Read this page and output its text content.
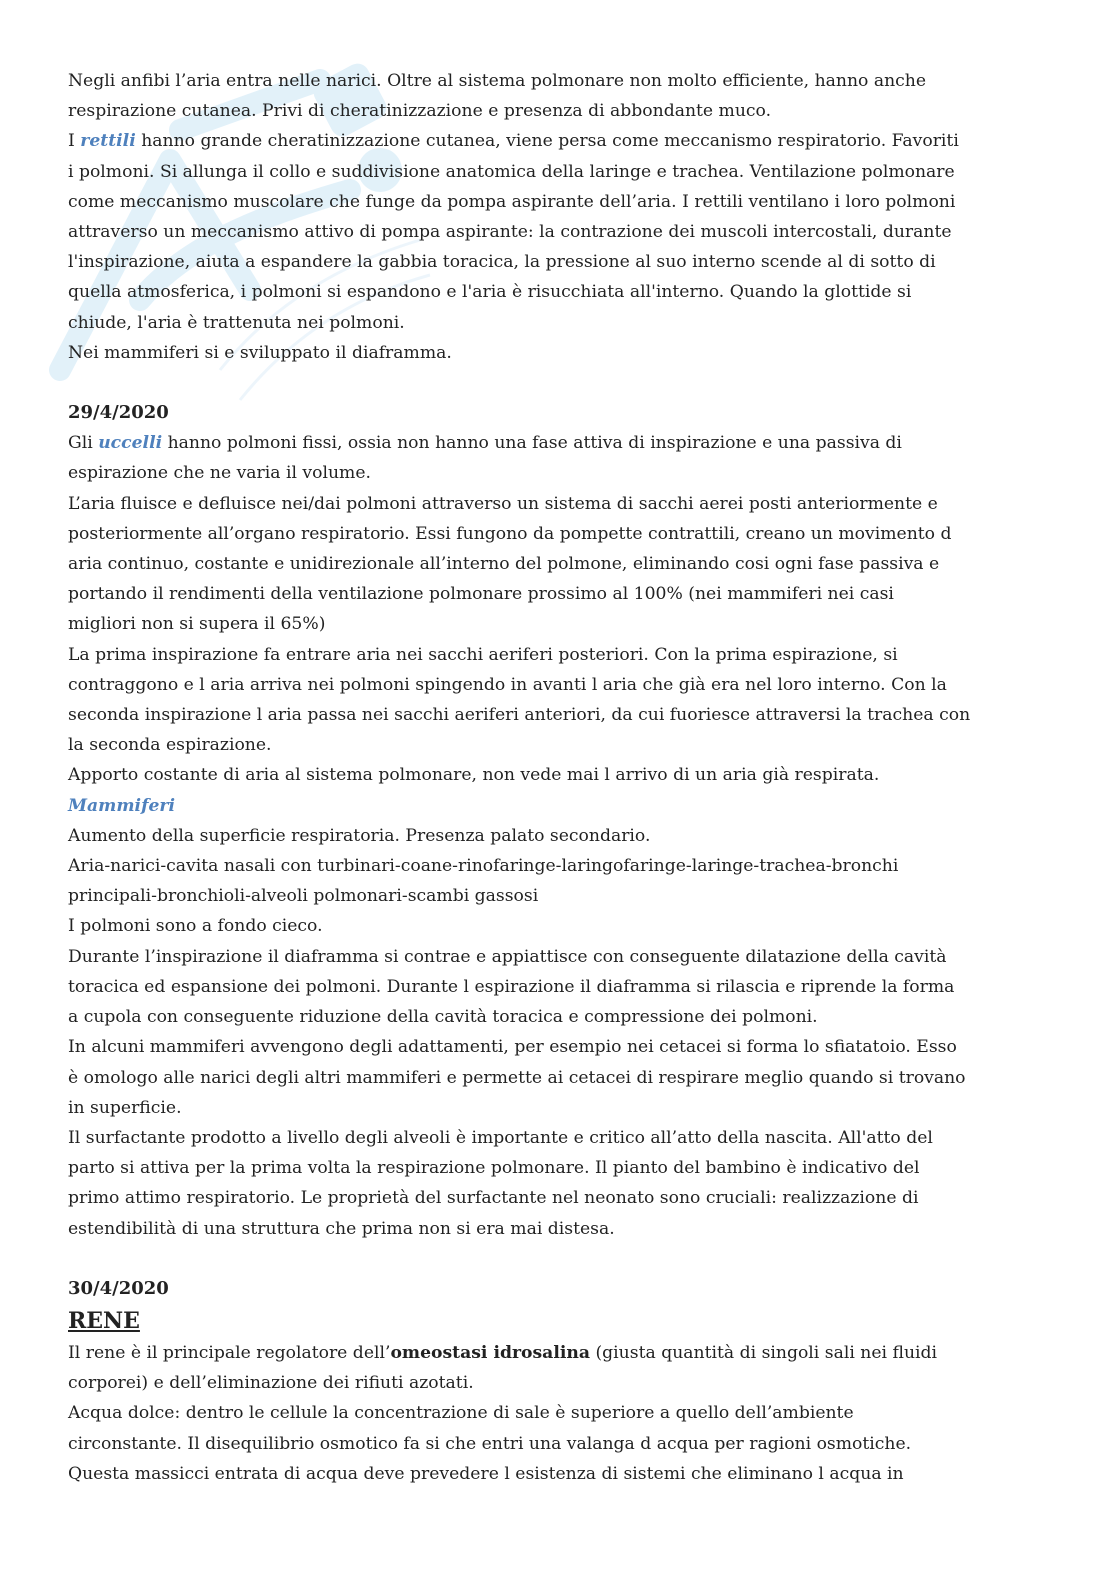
Negli anfibi l’aria entra nelle narici. Oltre al sistema polmonare non molto efficiente, hanno anche

respirazione cutanea. Privi di cheratinizzazione e presenza di abbondante muco.

I rettili hanno grande cheratinizzazione cutanea, viene persa come meccanismo respiratorio. Favoriti

i polmoni. Si allunga il collo e suddivisione anatomica della laringe e trachea. Ventilazione polmonare

come meccanismo muscolare che funge da pompa aspirante dell’aria. I rettili ventilano i loro polmoni

attraverso un meccanismo attivo di pompa aspirante: la contrazione dei muscoli intercostali, durante

l'inspirazione, aiuta a espandere la gabbia toracica, la pressione al suo interno scende al di sotto di

quella atmosferica, i polmoni si espandono e l'aria è risucchiata all'interno. Quando la glottide si

chiude, l'aria è trattenuta nei polmoni.

Nei mammiferi si e sviluppato il diaframma.

29/4/2020

Gli uccelli hanno polmoni fissi, ossia non hanno una fase attiva di inspirazione e una passiva di

espirazione che ne varia il volume.

L’aria fluisce e defluisce nei/dai polmoni attraverso un sistema di sacchi aerei posti anteriormente e

posteriormente all’organo respiratorio. Essi fungono da pompette contrattili, creano un movimento d

aria continuo, costante e unidirezionale all’interno del polmone, eliminando cosi ogni fase passiva e

portando il rendimenti della ventilazione polmonare prossimo al 100% (nei mammiferi nei casi

migliori non si supera il 65%)

La prima inspirazione fa entrare aria nei sacchi aeriferi posteriori. Con la prima espirazione, si

contraggono e l aria arriva nei polmoni spingendo in avanti l aria che già era nel loro interno. Con la

seconda inspirazione l aria passa nei sacchi aeriferi anteriori, da cui fuoriesce attraversi la trachea con

la seconda espirazione.

Apporto costante di aria al sistema polmonare, non vede mai l arrivo di un aria già respirata.

Mammiferi

Aumento della superficie respiratoria. Presenza palato secondario.

Aria-narici-cavita nasali con turbinari-coane-rinofaringe-laringofaringe-laringe-trachea-bronchi

principali-bronchioli-alveoli polmonari-scambi gassosi

I polmoni sono a fondo cieco.

Durante l’inspirazione il diaframma si contrae e appiattisce con conseguente dilatazione della cavità

toracica ed espansione dei polmoni. Durante l espirazione il diaframma si rilascia e riprende la forma

a cupola con conseguente riduzione della cavità toracica e compressione dei polmoni.

In alcuni mammiferi avvengono degli adattamenti, per esempio nei cetacei si forma lo sfiatatoio. Esso

è omologo alle narici degli altri mammiferi e permette ai cetacei di respirare meglio quando si trovano

in superficie.

Il surfactante prodotto a livello degli alveoli è importante e critico all’atto della nascita. All'atto del

parto si attiva per la prima volta la respirazione polmonare. Il pianto del bambino è indicativo del

primo attimo respiratorio. Le proprietà del surfactante nel neonato sono cruciali: realizzazione di

estendibilità di una struttura che prima non si era mai distesa.

30/4/2020

RENE

Il rene è il principale regolatore dell’omeostasi idrosalina (giusta quantità di singoli sali nei fluidi

corporei) e dell’eliminazione dei rifiuti azotati.

Acqua dolce: dentro le cellule la concentrazione di sale è superiore a quello dell’ambiente

circonstante. Il disequilibrio osmotico fa si che entri una valanga d acqua per ragioni osmotiche.

Questa massicci entrata di acqua deve prevedere l esistenza di sistemi che eliminano l acqua in
